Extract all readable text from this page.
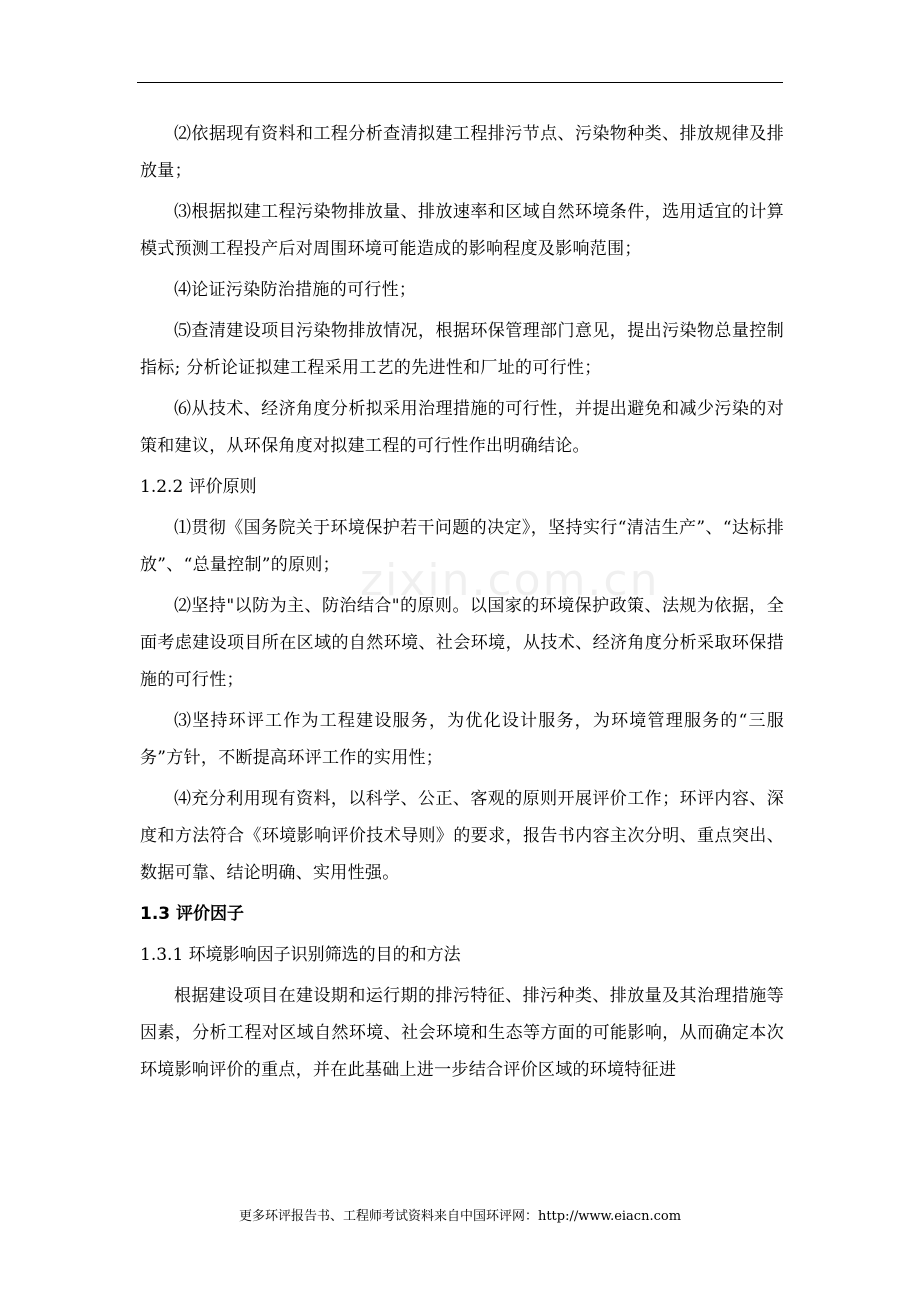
zixin.com.cn

⑵依据现有资料和工程分析查清拟建工程排污节点、污染物种类、排放规律及排放量；

⑶根据拟建工程污染物排放量、排放速率和区域自然环境条件，选用适宜的计算模式预测工程投产后对周围环境可能造成的影响程度及影响范围；

⑷论证污染防治措施的可行性；

⑸查清建设项目污染物排放情况，根据环保管理部门意见，提出污染物总量控制指标; 分析论证拟建工程采用工艺的先进性和厂址的可行性；

⑹从技术、经济角度分析拟采用治理措施的可行性，并提出避免和减少污染的对策和建议，从环保角度对拟建工程的可行性作出明确结论。

1.2.2 评价原则

⑴贯彻《国务院关于环境保护若干问题的决定》，坚持实行“清洁生产”、“达标排放”、“总量控制”的原则；

⑵坚持"以防为主、防治结合"的原则。以国家的环境保护政策、法规为依据，全面考虑建设项目所在区域的自然环境、社会环境，从技术、经济角度分析采取环保措施的可行性；

⑶坚持环评工作为工程建设服务，为优化设计服务，为环境管理服务的“三服务”方针，不断提高环评工作的实用性；

⑷充分利用现有资料，以科学、公正、客观的原则开展评价工作；环评内容、深度和方法符合《环境影响评价技术导则》的要求，报告书内容主次分明、重点突出、数据可靠、结论明确、实用性强。

1.3 评价因子

1.3.1 环境影响因子识别筛选的目的和方法

根据建设项目在建设期和运行期的排污特征、排污种类、排放量及其治理措施等因素，分析工程对区域自然环境、社会环境和生态等方面的可能影响，从而确定本次环境影响评价的重点，并在此基础上进一步结合评价区域的环境特征进

更多环评报告书、工程师考试资料来自中国环评网：http://www.eiacn.com
